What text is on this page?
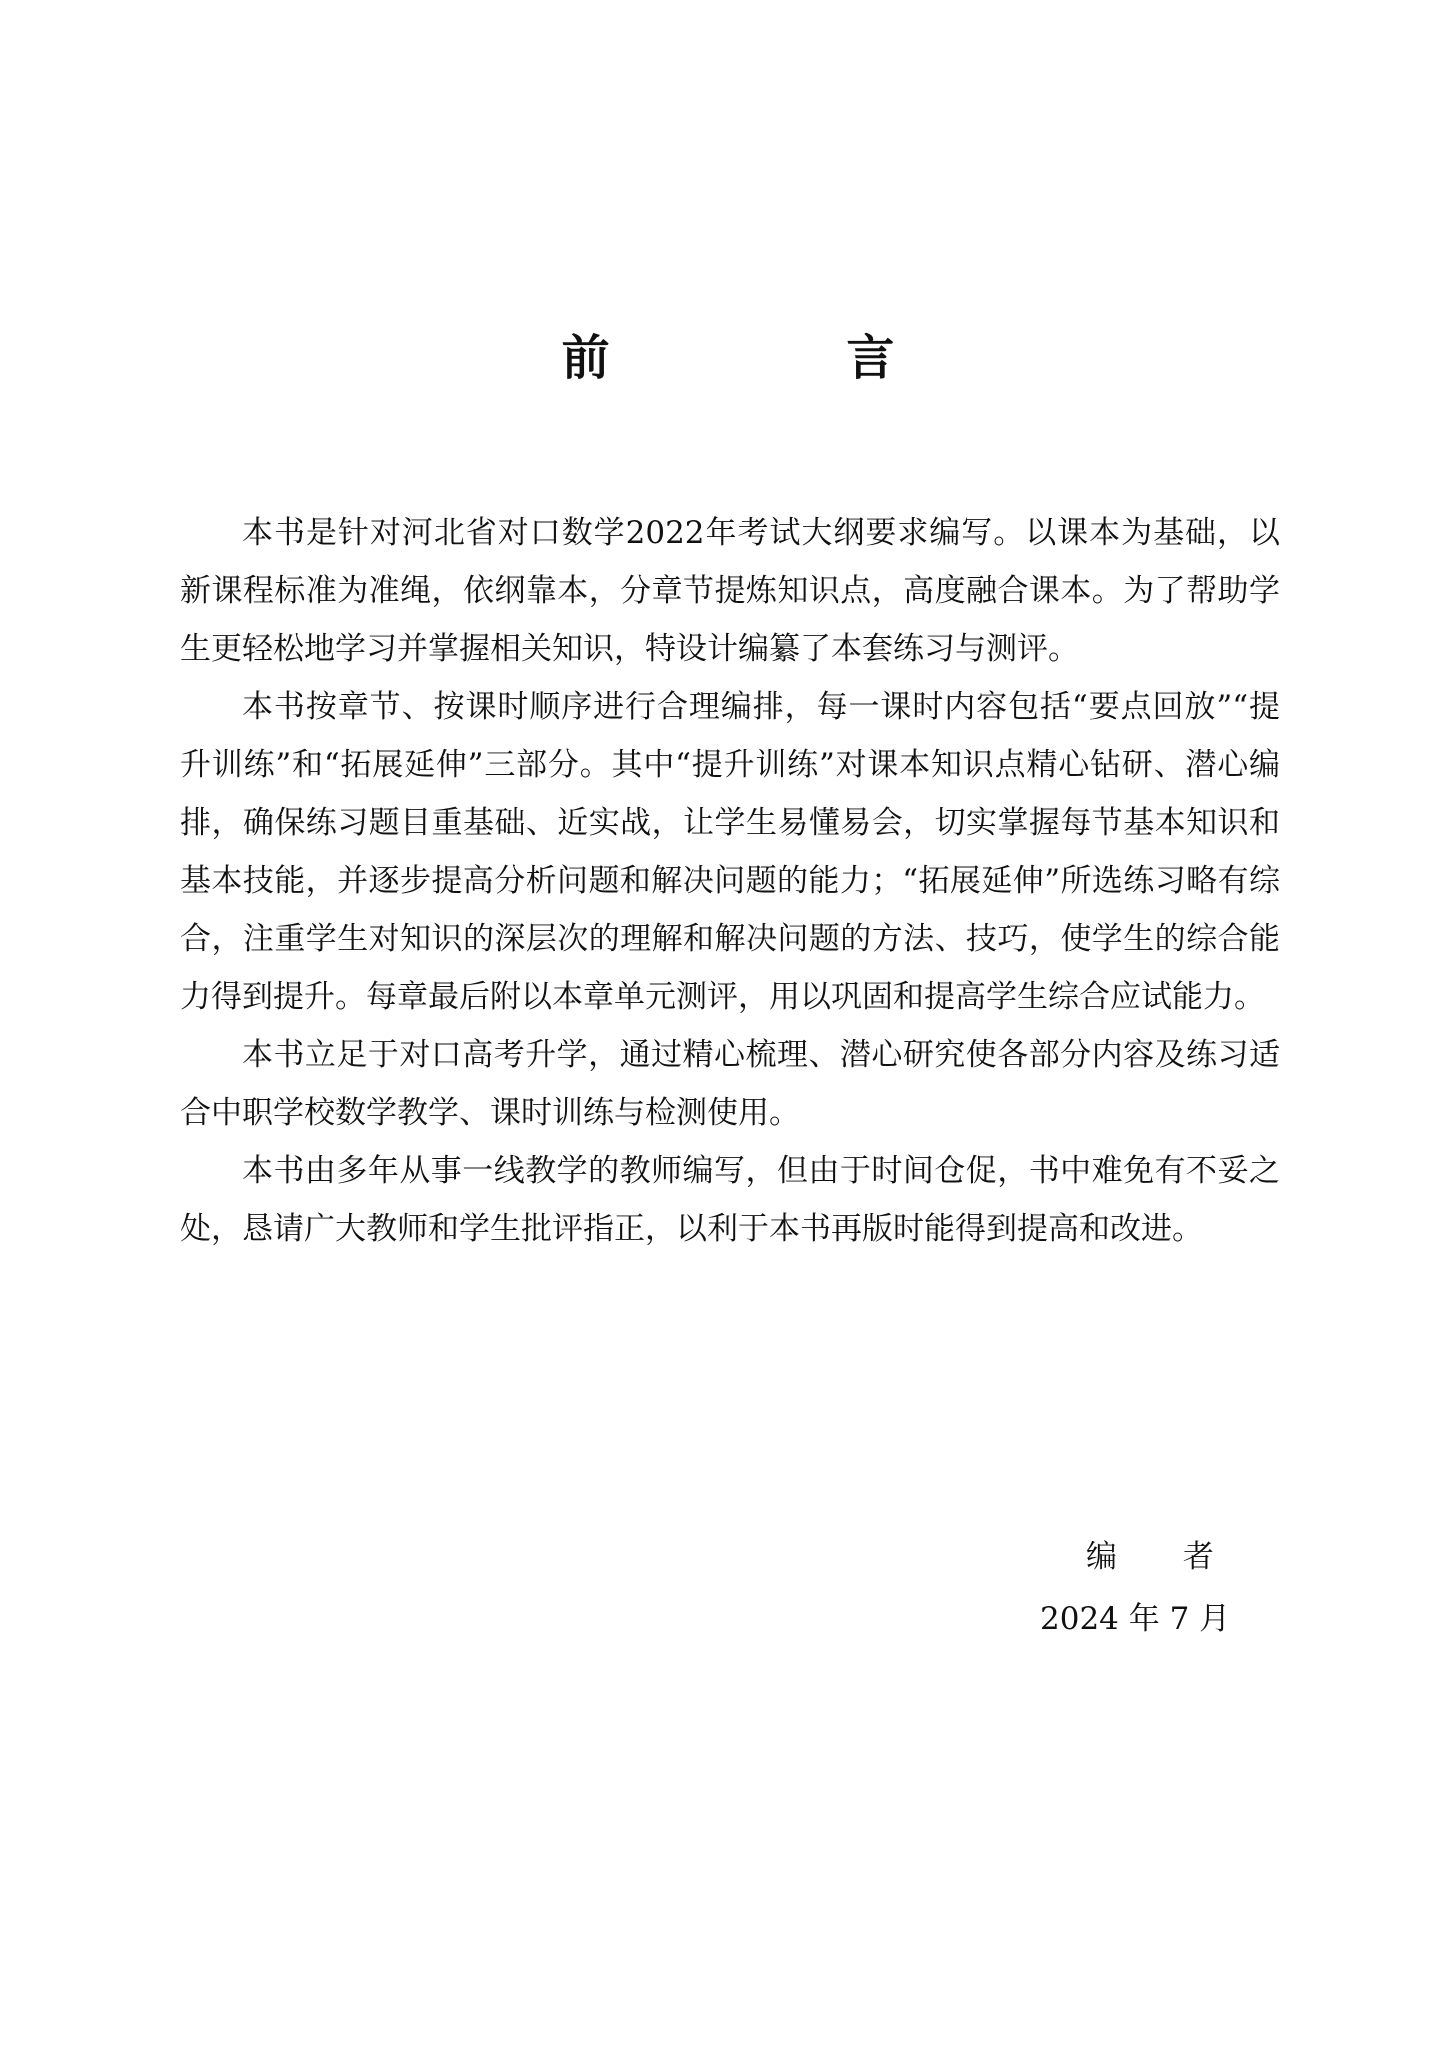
前 言

本书是针对河北省对口数学2022年考试大纲要求编写。以课本为基础，以新课程标准为准绳，依纲靠本，分章节提炼知识点，高度融合课本。为了帮助学生更轻松地学习并掌握相关知识，特设计编纂了本套练习与测评。

本书按章节、按课时顺序进行合理编排，每一课时内容包括“要点回放”“提升训练”和“拓展延伸”三部分。其中“提升训练”对课本知识点精心钻研、潜心编排，确保练习题目重基础、近实战，让学生易懂易会，切实掌握每节基本知识和基本技能，并逐步提高分析问题和解决问题的能力；“拓展延伸”所选练习略有综合，注重学生对知识的深层次的理解和解决问题的方法、技巧，使学生的综合能力得到提升。每章最后附以本章单元测评，用以巩固和提高学生综合应试能力。

本书立足于对口高考升学，通过精心梳理、潜心研究使各部分内容及练习适合中职学校数学教学、课时训练与检测使用。

本书由多年从事一线教学的教师编写，但由于时间仓促，书中难免有不妥之处，恳请广大教师和学生批评指正，以利于本书再版时能得到提高和改进。

编 者
2024 年 7 月
